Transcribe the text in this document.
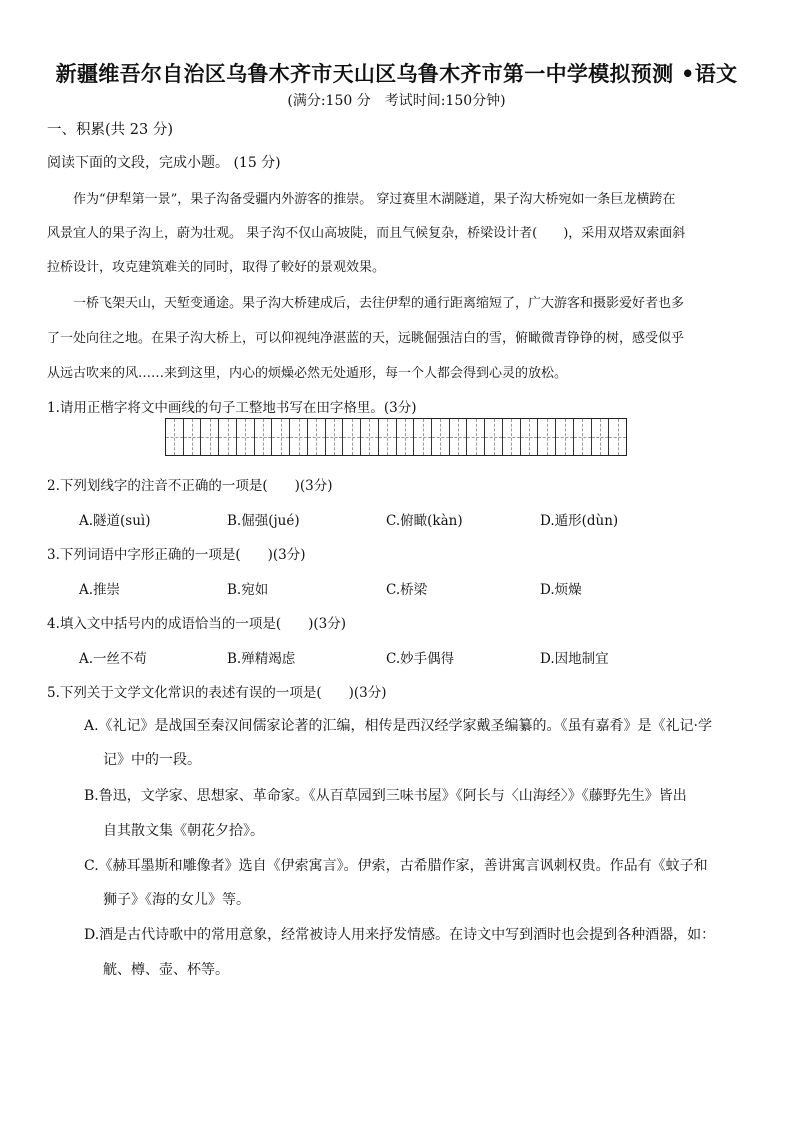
新疆维吾尔自治区乌鲁木齐市天山区乌鲁木齐市第一中学模拟预测 •语文
(满分:150 分　考试时间:150分钟)
一、积累(共 23 分)
阅读下面的文段，完成小题。 (15 分)
　　作为“伊犁第一景”，果子沟备受疆内外游客的推崇。 穿过赛里木湖隧道，果子沟大桥宛如一条巨龙横跨在
风景宜人的果子沟上，蔚为壮观。 果子沟不仅山高坡陡，而且气候复杂，桥梁设计者(　　)，采用双塔双索面斜
拉桥设计，攻克建筑难关的同时，取得了較好的景观效果。
　　一桥飞架天山，天堑变通途。果子沟大桥建成后，去往伊犁的通行距离缩短了，广大游客和摄影爱好者也多
了一处向往之地。在果子沟大桥上，可以仰视纯净湛蓝的天，远眺倔强洁白的雪，俯瞰微青铮铮的树，感受似乎
从远古吹来的风……来到这里，内心的烦燥必然无处遁形，每一个人都会得到心灵的放松。
1.请用正楷字将文中画线的句子工整地书写在田字格里。(3分)
2.下列划线字的注音不正确的一项是(　　)(3分)
A.隧道(suì)	B.倔强(jué)	C.俯瞰(kàn)	D.遁形(dùn)
3.下列词语中字形正确的一项是(　　)(3分)
A.推崇	B.宛如	C.桥梁	D.烦燥
4.填入文中括号内的成语恰当的一项是(　　)(3分)
A.一丝不苟	B.殚精竭虑	C.妙手偶得	D.因地制宜
5.下列关于文学文化常识的表述有误的一项是(　　)(3分)
A.《礼记》是战国至秦汉间儒家论著的汇编，相传是西汉经学家戴圣编纂的。《虽有嘉肴》是《礼记·学
记》中的一段。
B.鲁迅，文学家、思想家、革命家。《从百草园到三味书屋》《阿长与〈山海经〉》《藤野先生》皆出
自其散文集《朝花夕拾》。
C.《赫耳墨斯和雕像者》选自《伊索寓言》。伊索，古希腊作家，善讲寓言讽刺权贵。作品有《蚊子和
狮子》《海的女儿》等。
D.酒是古代诗歌中的常用意象，经常被诗人用来抒发情感。在诗文中写到酒时也会提到各种酒器，如：
觥、樽、壶、杯等。
